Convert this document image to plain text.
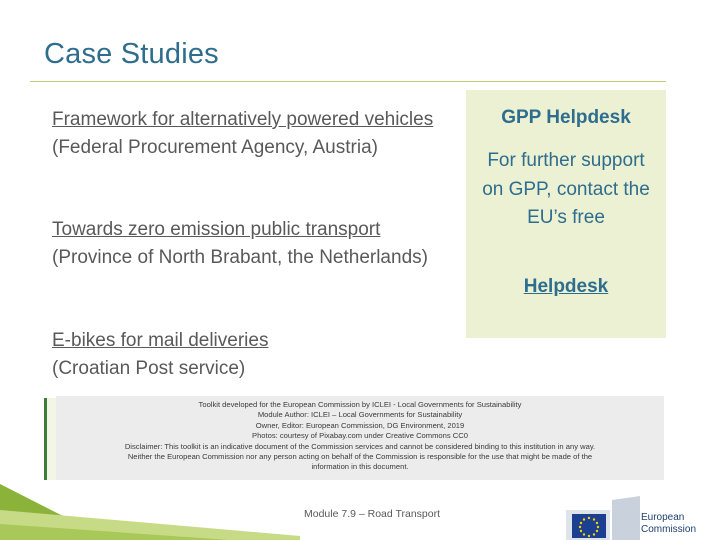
Case Studies
Framework for alternatively powered vehicles
(Federal Procurement Agency, Austria)
Towards zero emission public transport
(Province of North Brabant, the Netherlands)
E-bikes for mail deliveries
(Croatian Post service)
GPP Helpdesk
For further support on GPP, contact the EU’s free
Helpdesk
Toolkit developed for the European Commission by ICLEI - Local Governments for Sustainability
Module Author: ICLEI – Local Governments for Sustainability
Owner, Editor: European Commission, DG Environment, 2019
Photos: courtesy of Pixabay.com under Creative Commons CC0
Disclaimer: This toolkit is an indicative document of the Commission services and cannot be considered binding to this institution in any way.
Neither the European Commission nor any person acting on behalf of the Commission is responsible for the use that might be made of the
information in this document.
Module 7.9 – Road Transport	European
Commission
